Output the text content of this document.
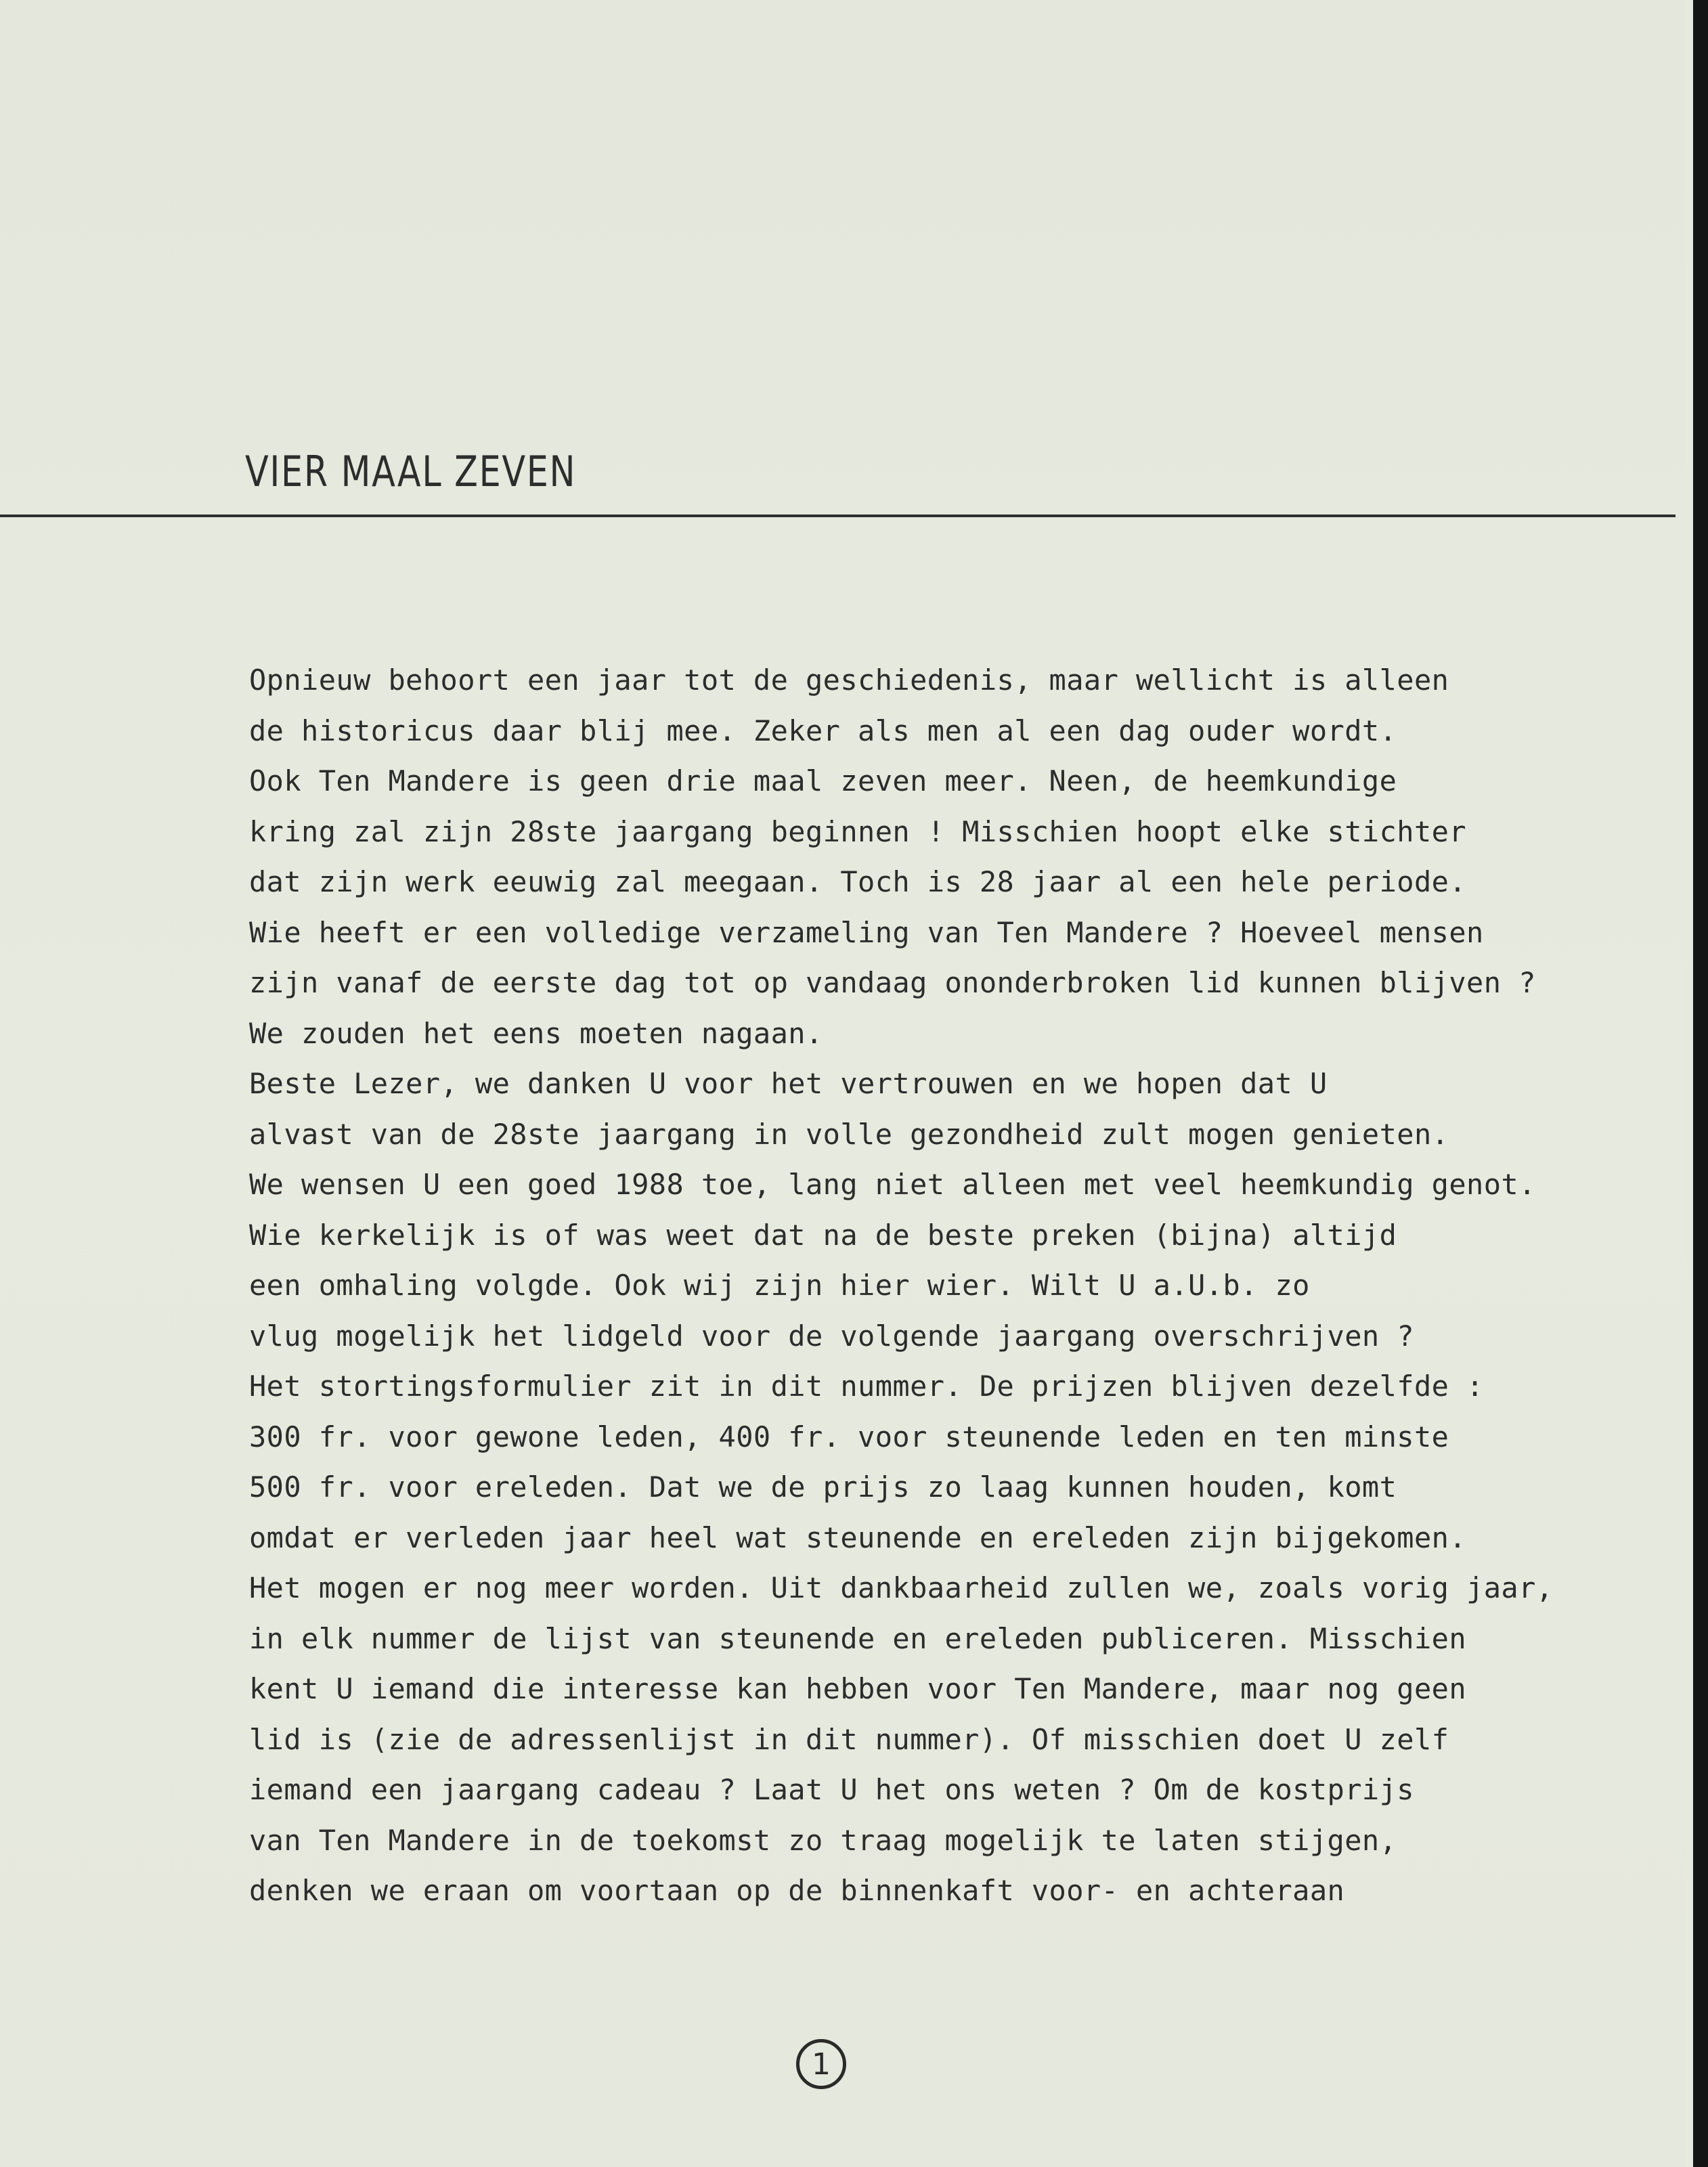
VIER MAAL ZEVEN
Opnieuw behoort een jaar tot de geschiedenis, maar wellicht is alleen
de historicus daar blij mee. Zeker als men al een dag ouder wordt.
Ook Ten Mandere is geen drie maal zeven meer. Neen, de heemkundige
kring zal zijn 28ste jaargang beginnen ! Misschien hoopt elke stichter
dat zijn werk eeuwig zal meegaan. Toch is 28 jaar al een hele periode.
Wie heeft er een volledige verzameling van Ten Mandere ? Hoeveel mensen
zijn vanaf de eerste dag tot op vandaag ononderbroken lid kunnen blijven ?
We zouden het eens moeten nagaan.
Beste Lezer, we danken U voor het vertrouwen en we hopen dat U
alvast van de 28ste jaargang in volle gezondheid zult mogen genieten.
We wensen U een goed 1988 toe, lang niet alleen met veel heemkundig genot.
Wie kerkelijk is of was weet dat na de beste preken (bijna) altijd
een omhaling volgde. Ook wij zijn hier wier. Wilt U a.U.b. zo
vlug mogelijk het lidgeld voor de volgende jaargang overschrijven ?
Het stortingsformulier zit in dit nummer. De prijzen blijven dezelfde :
300 fr. voor gewone leden, 400 fr. voor steunende leden en ten minste
500 fr. voor ereleden. Dat we de prijs zo laag kunnen houden, komt
omdat er verleden jaar heel wat steunende en ereleden zijn bijgekomen.
Het mogen er nog meer worden. Uit dankbaarheid zullen we, zoals vorig jaar,
in elk nummer de lijst van steunende en ereleden publiceren. Misschien
kent U iemand die interesse kan hebben voor Ten Mandere, maar nog geen
lid is (zie de adressenlijst in dit nummer). Of misschien doet U zelf
iemand een jaargang cadeau ? Laat U het ons weten ? Om de kostprijs
van Ten Mandere in de toekomst zo traag mogelijk te laten stijgen,
denken we eraan om voortaan op de binnenkaft voor- en achteraan
1
